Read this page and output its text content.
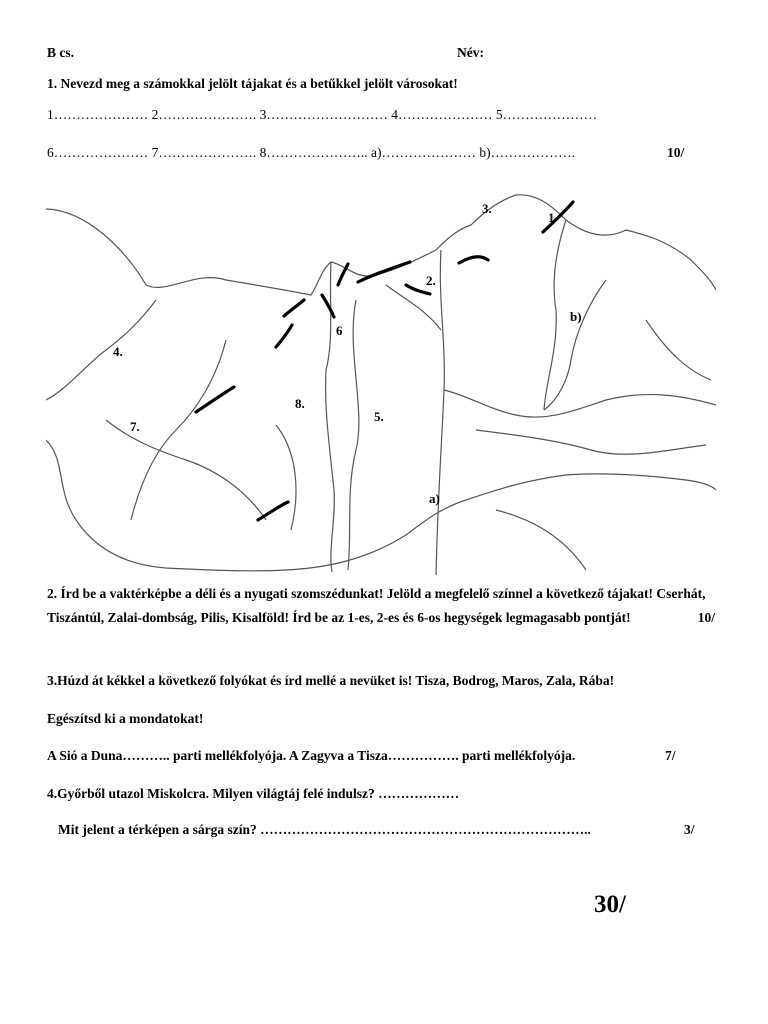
B cs.	Név:
1. Nevezd meg a számokkal jelölt tájakat és a betűkkel jelölt városokat!
1………………… 2…………………. 3……………………… 4………………… 5…………………
6………………… 7…………………. 8………………….. a)………………… b)……………….	10/
1
2.
3.
4.
5.
6
7.
8.
a)
b)
2. Írd be a vaktérképbe a déli és a nyugati szomszédunkat! Jelöld a megfelelő színnel a következő tájakat! Cserhát, Tiszántúl, Zalai-dombság, Pilis, Kisalföld! Írd be az 1-es, 2-es és 6-os hegységek legmagasabb pontját!	10/
3.Húzd át kékkel a következő folyókat és írd mellé a nevüket is! Tisza, Bodrog, Maros, Zala, Rába!
Egészítsd ki a mondatokat!
A Sió a Duna……….. parti mellékfolyója. A Zagyva a Tisza……………. parti mellékfolyója.	7/
4.Győrből utazol Miskolcra. Milyen világtáj felé indulsz? ………………
Mit jelent a térképen a sárga szín? ………………………………………………………………..	3/
30/
